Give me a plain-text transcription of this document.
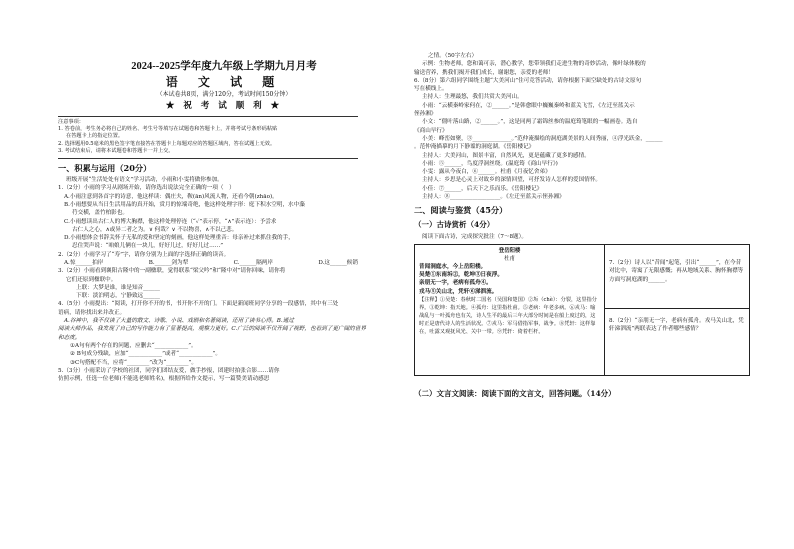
2024--2025学年度九年级上学期九月月考
语 文 试 题
（本试卷共8页，满分120分，考试时间150分钟）
★ 祝 考 试 顺 利 ★
注意事项：
1. 答卷前，考生务必将自己的姓名、考生号等填写在试题卷和答题卡上，并将考试号条形码粘贴
在答题卡上的指定位置。
2. 选择题用0.5毫米的黑色签字笔直接答在答题卡上每题对应的答题区域内，答在试题上无效。
3. 考试结束后，请将本试题卷和答题卡一并上交。
一、积累与运用（20分）
班级开展“生活处处有语文”学习活动，小雨和小雯将做你参加。
1.（2分）小雨的学习从剧场开始，请你选出说法完全正确的一项（　）
A.小雨注意到各首字的诗意，他这样读：偶庄夫，鞍(ān)风流人物，还看今朝(zhāo)。
B.小雨想要从当日生活用品的真开始，赏月的惊端奇绝，他这样处理字形：庭下积水空明，水中藻
荇交横，盖竹柏影也。
C.小雨想读出古仁人的博大胸襟，他这样处理停连（“✓”表示停，“∧”表示连）：予尝求
古仁人之心，∧或异二者之为。∨ 何哉？∨ 不以物喜，∧不以己悲。
D.小雨想体会书辞关怀子无私的爱和坚定的刻画，他这样处理重音：母亲补过来抓住我的手，
忍住哭声说：“咱娘儿俩在一块儿，好好儿过，好好儿过……”
2.（2分）小雨学习了“寿”字，请你分别为上面的字选择正确的读音。
A.惊______拍岸	B.______剑为犁	C.______隔两岸	D.这______候销
3.（2分）小雨看到襄阳古隆中的一副楹联，觉得联系“梁父吟”和“隆中对”请你回味，请你将
它们还原到楹联中。
上联：大梦是谁，谁是知音______
下联：淡泊明志，宁静致远______
4.（5分）小雨提出：“阅读，打开你不开的书，书开你不开的门。下面是新闻班同学分享的一段感悟，其中有三处
语病，请你找出来并改正。
A.谷神中，我不仅读了大量的散文、诗歌、小说、戏剧和名著阅读，还用了读书心得。B.通过
阅读大师作品，我发现了自己的写作能力有了显著提高，观察力更好。C.广泛的阅读不仅开阔了视野，也看到了更广阔的世界
和态度。
①A句有两个存在的问题，应删去“____________”。
② B句成分残缺，应加“____________”或者“____________”。
③C句搭配不当，应将“________”改为“________”。
5.（3分）小雨采访了学校的社团，同学们团结友爱，做手抄报，团建时拍张合影……请你
仿照示例，任选一位老师(不能选老师姓名)，根据所给作文提示，写一篇赞美请动感思
之情。（50字左右）
示例：生物老师，您和蔼可亲，潜心教学，您带领我们走进生物的奇妙活动，像叶绿体般的
输送营养，携我们揭开我们成长，谢谢您，亲爱的老师！
6.（8分）第六组同学围绕主题“大美河山”住可竞答活动，请你根据下面空缺处的古诗文原句
写在横线上。
主持人：生理最悠，我们共赏大美河山。
小雨：“云横秦岭家何在，②______。”是韩愈眼中巍巍秦岭和蓝关飞雪，《左迁至蓝关示
侄孙湘》
小文：“僵叶落山路，②______。”，这是同两了霜锦丝参的温庭筠笔眼的一幅画卷。选自
《商山早行》
小美：峰峦如聚，③______________。”范仲淹描绘的洞庭湖美景的人间秀丽，④浮光跃金，______
。范仲淹描摹的月下静谧的洞庭湖。《岳阳楼记》
主持人：大美河山，图景丰富，自然风光，更是蕴藏了更多的感情。
小雨：⑤______，鸟度浮洞丝绕。(温庭筠《商山早行》)
小雯：露从今夜白，⑥______。杜甫《月夜忆舍弟》
主持人：乡思是心灵上对故乡的深情回望，可抒发诗人怎样的爱国情怀。
小佳：⑦______，后天下之乐而乐。《岳阳楼记》
主持人：⑧__________________。《左迁至蓝关示侄孙湘》
二、阅读与鉴赏（45分）
（一）古诗赏析（4分）
阅读下面古诗，完成探究批注（7～8题）。
登岳阳楼
杜甫
昔闻洞庭水，今上岳阳楼。
吴楚①东南坼②，乾坤③日夜浮。
亲朋无一字，老病有孤舟④。
戎马⑤关山北，凭轩⑥涕泗流。
【注释】①吴楚：春秋时二国名（吴国和楚国）②坼（chè）：分裂，这里指分界。③乾坤：指天地。④孤舟：这里指杜甫。⑤老病：年老多病。⑥戎马：喻战乱与一叶孤舟也有关，诗人生平的最后三年大部分时间是在船上度过的，这时正是唐代诗人的生活状况。⑦戎马：军马借指军事，战争。⑧凭轩：这样靠在，吐露又观抚风光、关中一带。⑨凭轩：倚着栏杆。
7.（2分）诗人以“昔闻”起笔，引出“______”，在今昔对比中，寄寓了无限感慨；再从地域关系、胸怀胸襟等方面写洞庭湖的______。
8.（2分）“亲朋无一字，老病有孤舟。戎马关山北，凭轩涕泗流”两联表达了作者哪些感情？
（二）文言文阅读：阅读下面的文言文，回答问题。（14分）
